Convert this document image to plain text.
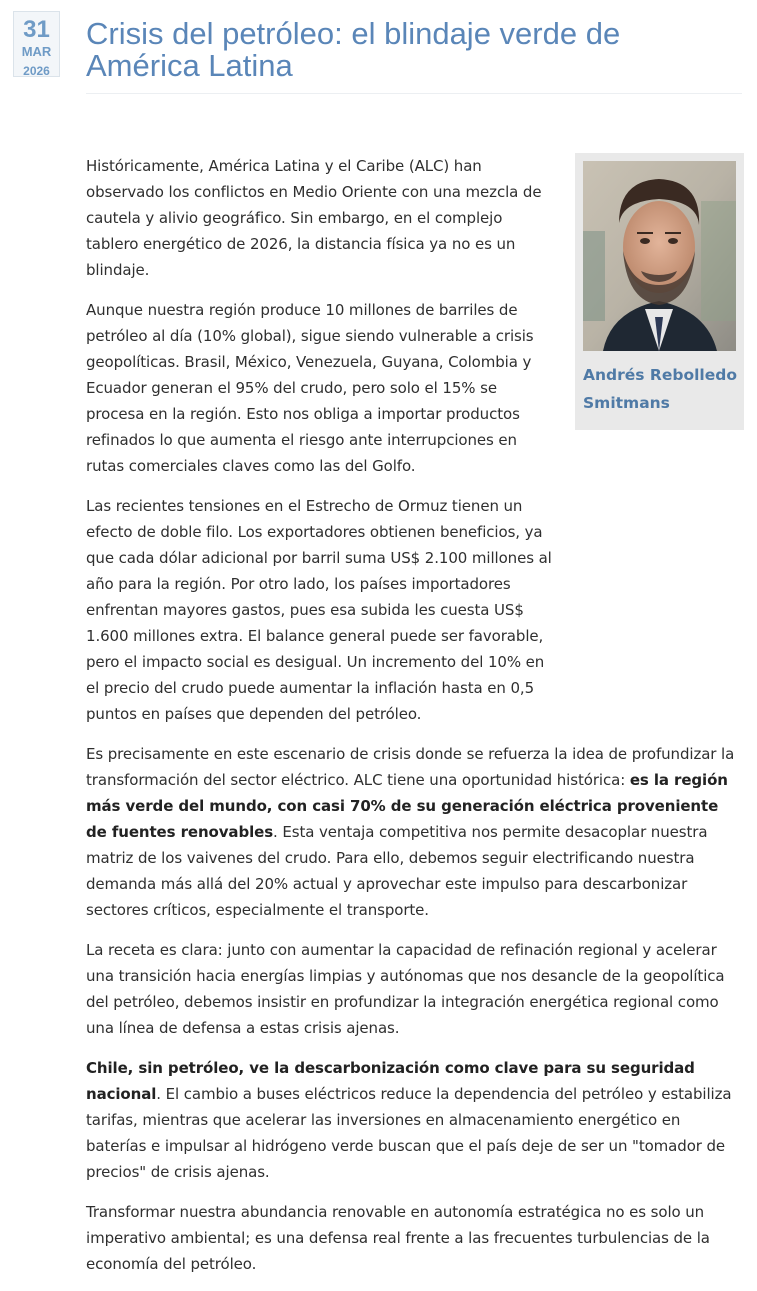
31
MAR
2026
Crisis del petróleo: el blindaje verde de América Latina

Andrés Rebolledo Smitmans

Históricamente, América Latina y el Caribe (ALC) han observado los conflictos en Medio Oriente con una mezcla de cautela y alivio geográfico. Sin embargo, en el complejo tablero energético de 2026, la distancia física ya no es un blindaje.

Aunque nuestra región produce 10 millones de barriles de petróleo al día (10% global), sigue siendo vulnerable a crisis geopolíticas. Brasil, México, Venezuela, Guyana, Colombia y Ecuador generan el 95% del crudo, pero solo el 15% se procesa en la región. Esto nos obliga a importar productos refinados lo que aumenta el riesgo ante interrupciones en rutas comerciales claves como las del Golfo.

Las recientes tensiones en el Estrecho de Ormuz tienen un efecto de doble filo. Los exportadores obtienen beneficios, ya que cada dólar adicional por barril suma US$ 2.100 millones al año para la región. Por otro lado, los países importadores enfrentan mayores gastos, pues esa subida les cuesta US$ 1.600 millones extra. El balance general puede ser favorable, pero el impacto social es desigual. Un incremento del 10% en el precio del crudo puede aumentar la inflación hasta en 0,5 puntos en países que dependen del petróleo.

Es precisamente en este escenario de crisis donde se refuerza la idea de profundizar la transformación del sector eléctrico. ALC tiene una oportunidad histórica: es la región más verde del mundo, con casi 70% de su generación eléctrica proveniente de fuentes renovables. Esta ventaja competitiva nos permite desacoplar nuestra matriz de los vaivenes del crudo. Para ello, debemos seguir electrificando nuestra demanda más allá del 20% actual y aprovechar este impulso para descarbonizar sectores críticos, especialmente el transporte.

La receta es clara: junto con aumentar la capacidad de refinación regional y acelerar una transición hacia energías limpias y autónomas que nos desancle de la geopolítica del petróleo, debemos insistir en profundizar la integración energética regional como una línea de defensa a estas crisis ajenas.

Chile, sin petróleo, ve la descarbonización como clave para su seguridad nacional. El cambio a buses eléctricos reduce la dependencia del petróleo y estabiliza tarifas, mientras que acelerar las inversiones en almacenamiento energético en baterías e impulsar al hidrógeno verde buscan que el país deje de ser un "tomador de precios" de crisis ajenas.

Transformar nuestra abundancia renovable en autonomía estratégica no es solo un imperativo ambiental; es una defensa real frente a las frecuentes turbulencias de la economía del petróleo.
